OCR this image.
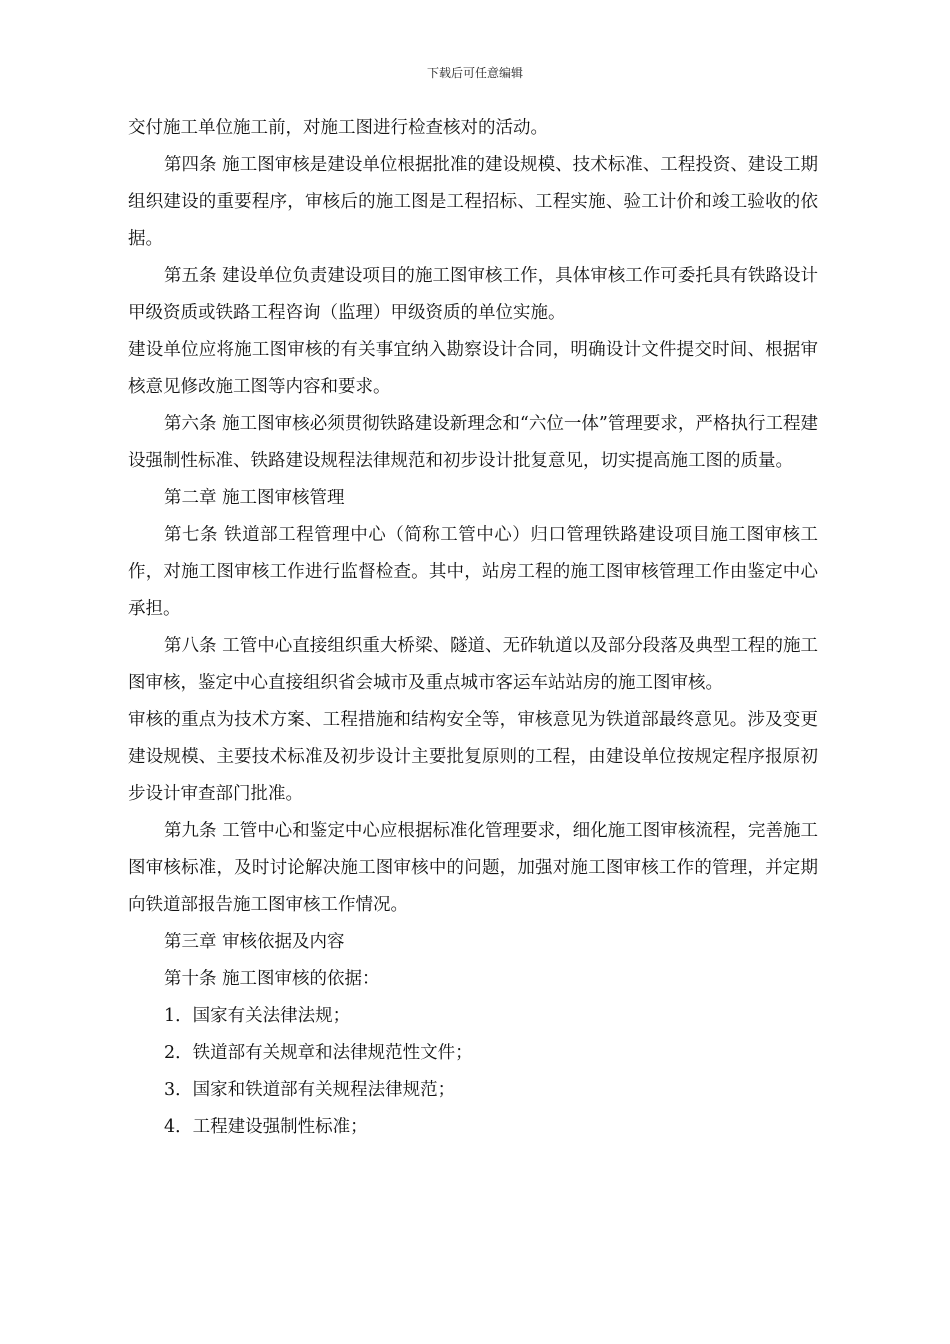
下载后可任意编辑

交付施工单位施工前，对施工图进行检查核对的活动。

第四条 施工图审核是建设单位根据批准的建设规模、技术标准、工程投资、建设工期组织建设的重要程序，审核后的施工图是工程招标、工程实施、验工计价和竣工验收的依据。

第五条 建设单位负责建设项目的施工图审核工作，具体审核工作可委托具有铁路设计甲级资质或铁路工程咨询（监理）甲级资质的单位实施。

建设单位应将施工图审核的有关事宜纳入勘察设计合同，明确设计文件提交时间、根据审核意见修改施工图等内容和要求。

第六条 施工图审核必须贯彻铁路建设新理念和“六位一体”管理要求，严格执行工程建设强制性标准、铁路建设规程法律规范和初步设计批复意见，切实提高施工图的质量。

第二章 施工图审核管理

第七条 铁道部工程管理中心（简称工管中心）归口管理铁路建设项目施工图审核工作，对施工图审核工作进行监督检查。其中，站房工程的施工图审核管理工作由鉴定中心承担。

第八条 工管中心直接组织重大桥梁、隧道、无砟轨道以及部分段落及典型工程的施工图审核，鉴定中心直接组织省会城市及重点城市客运车站站房的施工图审核。

审核的重点为技术方案、工程措施和结构安全等，审核意见为铁道部最终意见。涉及变更建设规模、主要技术标准及初步设计主要批复原则的工程，由建设单位按规定程序报原初步设计审查部门批准。

第九条 工管中心和鉴定中心应根据标准化管理要求，细化施工图审核流程，完善施工图审核标准，及时讨论解决施工图审核中的问题，加强对施工图审核工作的管理，并定期向铁道部报告施工图审核工作情况。

第三章 审核依据及内容

第十条 施工图审核的依据：

1．国家有关法律法规；

2．铁道部有关规章和法律规范性文件；

3．国家和铁道部有关规程法律规范；

4．工程建设强制性标准；
